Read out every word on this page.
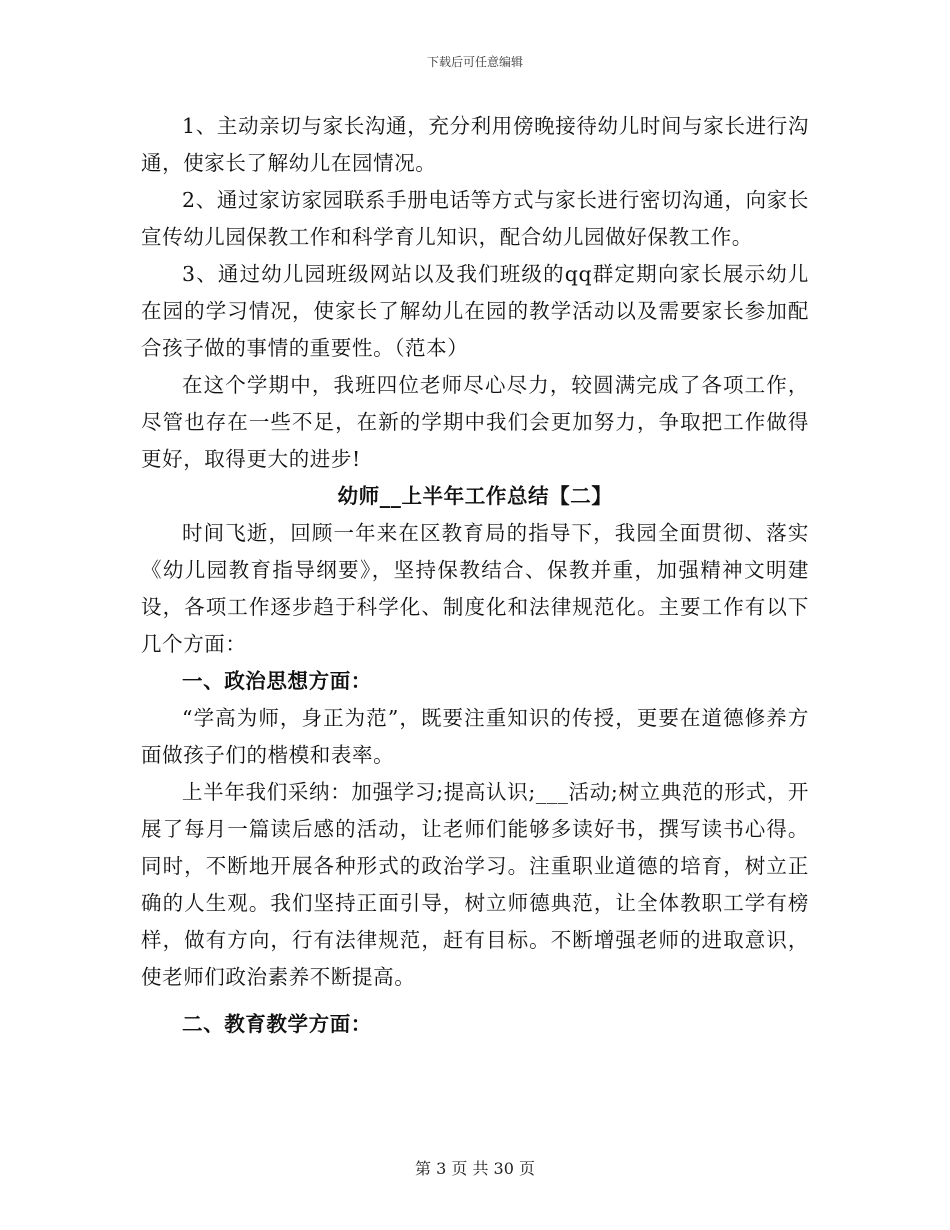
下载后可任意编辑

1、主动亲切与家长沟通，充分利用傍晚接待幼儿时间与家长进行沟通，使家长了解幼儿在园情况。

2、通过家访家园联系手册电话等方式与家长进行密切沟通，向家长宣传幼儿园保教工作和科学育儿知识，配合幼儿园做好保教工作。

3、通过幼儿园班级网站以及我们班级的qq群定期向家长展示幼儿在园的学习情况，使家长了解幼儿在园的教学活动以及需要家长参加配合孩子做的事情的重要性。（范本）

在这个学期中，我班四位老师尽心尽力，较圆满完成了各项工作，尽管也存在一些不足，在新的学期中我们会更加努力，争取把工作做得更好，取得更大的进步!

幼师__上半年工作总结【二】

时间飞逝，回顾一年来在区教育局的指导下，我园全面贯彻、落实《幼儿园教育指导纲要》，坚持保教结合、保教并重，加强精神文明建设，各项工作逐步趋于科学化、制度化和法律规范化。主要工作有以下几个方面：

一、政治思想方面：

“学高为师，身正为范”，既要注重知识的传授，更要在道德修养方面做孩子们的楷模和表率。

上半年我们采纳：加强学习;提高认识;___活动;树立典范的形式，开展了每月一篇读后感的活动，让老师们能够多读好书，撰写读书心得。同时，不断地开展各种形式的政治学习。注重职业道德的培育，树立正确的人生观。我们坚持正面引导，树立师德典范，让全体教职工学有榜样，做有方向，行有法律规范，赶有目标。不断增强老师的进取意识，使老师们政治素养不断提高。

二、教育教学方面：

第 3 页 共 30 页
